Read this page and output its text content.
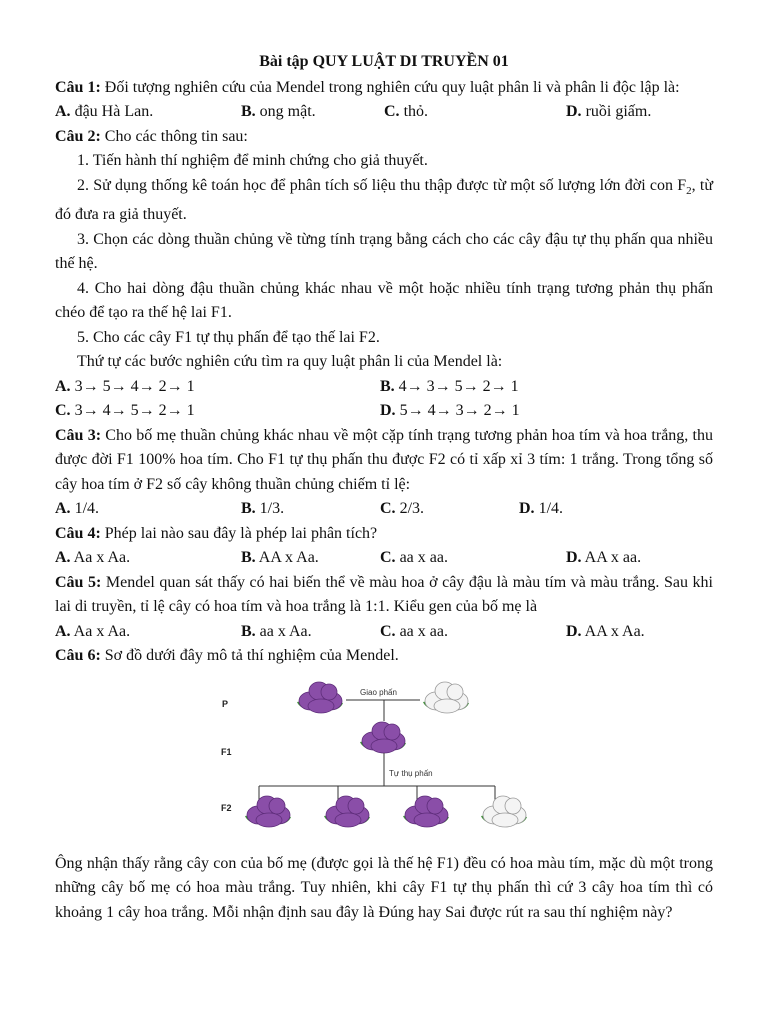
Bài tập QUY LUẬT DI TRUYỀN 01

Câu 1: Đối tượng nghiên cứu của Mendel trong nghiên cứu quy luật phân li và phân li độc lập là:

A. đậu Hà Lan.	B. ong mật.	C. thỏ.	D. ruồi giấm.

Câu 2: Cho các thông tin sau:

1. Tiến hành thí nghiệm để minh chứng cho giả thuyết.

2. Sử dụng thống kê toán học để phân tích số liệu thu thập được từ một số lượng lớn đời con $F_2$, từ đó đưa ra giả thuyết.

3. Chọn các dòng thuần chủng về từng tính trạng bằng cách cho các cây đậu tự thụ phấn qua nhiều thế hệ.

4. Cho hai dòng đậu thuần chủng khác nhau về một hoặc nhiều tính trạng tương phản thụ phấn chéo để tạo ra thế hệ lai F1.

5. Cho các cây F1 tự thụ phấn để tạo thế lai F2.

Thứ tự các bước nghiên cứu tìm ra quy luật phân li của Mendel là:

A. 3→ 5→ 4→ 2→ 1	B. 4→ 3→ 5→ 2→ 1
C. 3→ 4→ 5→ 2→ 1	D. 5→ 4→ 3→ 2→ 1

Câu 3: Cho bố mẹ thuần chủng khác nhau về một cặp tính trạng tương phản hoa tím và hoa trắng, thu được đời F1 100% hoa tím. Cho F1 tự thụ phấn thu được F2 có tỉ xấp xỉ 3 tím: 1 trắng. Trong tổng số cây hoa tím ở F2 số cây không thuần chủng chiếm tỉ lệ:

A. 1/4.	B. 1/3.	C. 2/3.	D. 1/4.

Câu 4: Phép lai nào sau đây là phép lai phân tích?

A. Aa x Aa.	B. AA x Aa.	C. aa x aa.	D. AA x aa.

Câu 5: Mendel quan sát thấy có hai biến thể về màu hoa ở cây đậu là màu tím và màu trắng. Sau khi lai di truyền, tỉ lệ cây có hoa tím và hoa trắng là 1:1. Kiểu gen của bố mẹ là

A. Aa x Aa.	B. aa x Aa.	C. aa x aa.	D. AA x Aa.

Câu 6: Sơ đồ dưới đây mô tả thí nghiệm của Mendel.

P
F1
F2
Giao phấn
Tự thụ phấn

Ông nhận thấy rằng cây con của bố mẹ (được gọi là thế hệ F1) đều có hoa màu tím, mặc dù một trong những cây bố mẹ có hoa màu trắng. Tuy nhiên, khi cây F1 tự thụ phấn thì cứ 3 cây hoa tím thì có khoảng 1 cây hoa trắng. Mỗi nhận định sau đây là Đúng hay Sai được rút ra sau thí nghiệm này?
